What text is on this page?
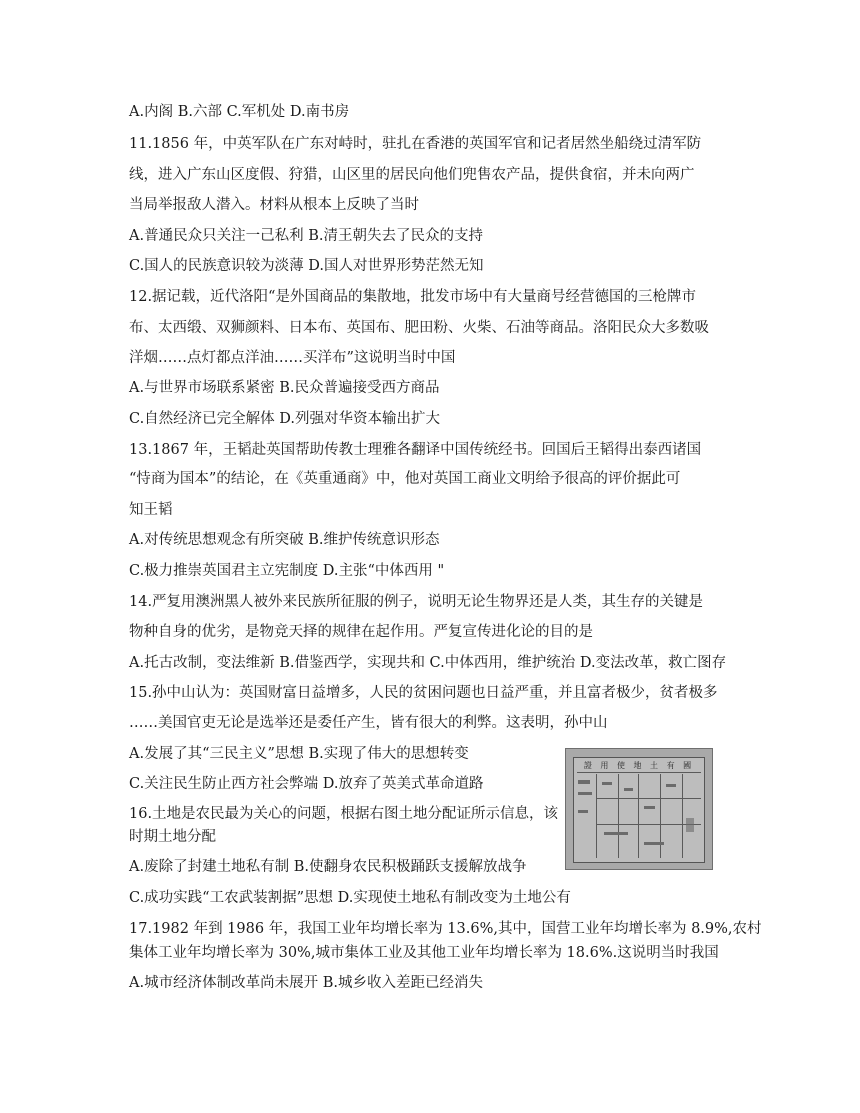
A.内阁 B.六部 C.军机处 D.南书房
11.1856 年，中英军队在广东对峙时，驻扎在香港的英国军官和记者居然坐船绕过清军防
线，进入广东山区度假、狩猎，山区里的居民向他们兜售农产品，提供食宿，并未向两广
当局举报敌人潜入。材料从根本上反映了当时
A.普通民众只关注一己私利 B.清王朝失去了民众的支持
C.国人的民族意识较为淡薄 D.国人对世界形势茫然无知
12.据记载，近代洛阳“是外国商品的集散地，批发市场中有大量商号经营德国的三枪牌市
布、太西缎、双狮颜料、日本布、英国布、肥田粉、火柴、石油等商品。洛阳民众大多数吸
洋烟……点灯都点洋油……买洋布”这说明当时中国
A.与世界市场联系紧密 B.民众普遍接受西方商品
C.自然经济已完全解体 D.列强对华资本输出扩大
13.1867 年，王韬赴英国帮助传教士理雅各翻译中国传统经书。回国后王韬得出泰西诸国
“恃商为国本”的结论，在《英重通商》中，他对英国工商业文明给予很高的评价据此可
知王韬
A.对传统思想观念有所突破 B.维护传统意识形态
C.极力推崇英国君主立宪制度 D.主张“中体西用 "
14.严复用澳洲黑人被外来民族所征服的例子，说明无论生物界还是人类，其生存的关键是
物种自身的优劣，是物竞天择的规律在起作用。严复宣传进化论的目的是
A.托古改制，变法维新 B.借鉴西学，实现共和 C.中体西用，维护统治 D.变法改革，救亡图存
15.孙中山认为：英国财富日益增多，人民的贫困问题也日益严重，并且富者极少，贫者极多
……美国官吏无论是选举还是委任产生，皆有很大的利弊。这表明，孙中山
A.发展了其“三民主义”思想 B.实现了伟大的思想转变
C.关注民生防止西方社会弊端 D.放弃了英美式革命道路
16.土地是农民最为关心的问题，根据右图土地分配证所示信息，该
时期土地分配
A.废除了封建土地私有制 B.使翻身农民积极踊跃支援解放战争
C.成功实践“工农武装割据”思想 D.实现使土地私有制改变为土地公有
17.1982 年到 1986 年，我国工业年均增长率为 13.6%,其中，国营工业年均增长率为 8.9%,农村
集体工业年均增长率为 30%,城市集体工业及其他工业年均增长率为 18.6%.这说明当时我国
A.城市经济体制改革尚未展开 B.城乡收入差距已经消失
證 用 使 地 土 有 國
